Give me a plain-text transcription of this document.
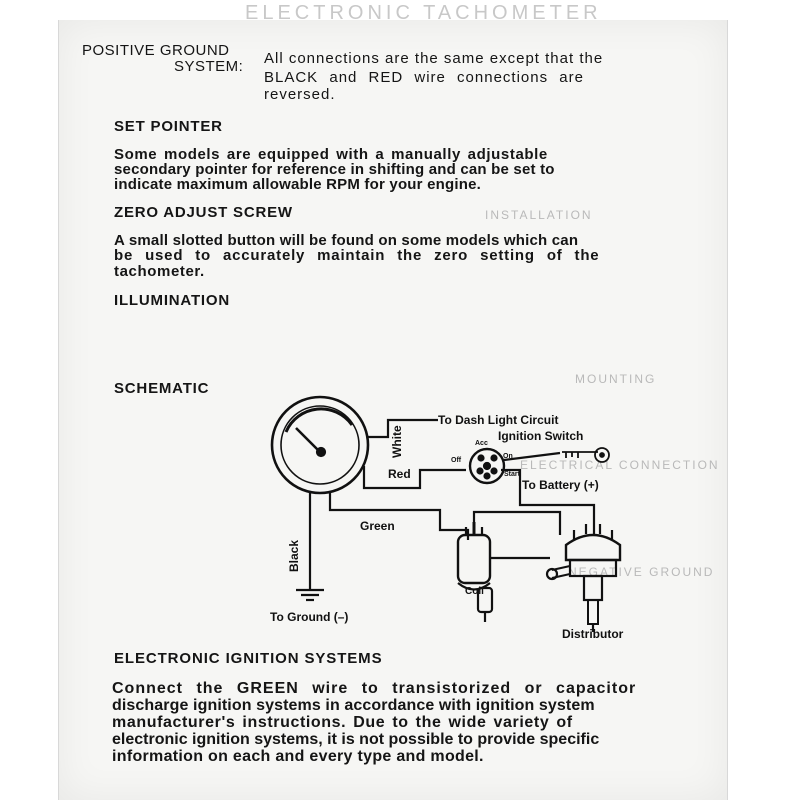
ELECTRONIC TACHOMETER
INSTALLATION
MOUNTING
ELECTRICAL CONNECTION
NEGATIVE GROUND
POSITIVE GROUND
SYSTEM: All connections are the same except that the
BLACK and RED wire connections are
reversed.
SET POINTER
Some models are equipped with a manually adjustable
secondary pointer for reference in shifting and can be set to
indicate maximum allowable RPM for your engine.
ZERO ADJUST SCREW
A small slotted button will be found on some models which can
be used to accurately maintain the zero setting of the
tachometer.
ILLUMINATION
SCHEMATIC
To Dash Light Circuit
Ignition Switch
Acc
Off
On
Start
White
Red
To Battery (+)
Green
Black
Coil
To Ground (–)
Distributor
ELECTRONIC IGNITION SYSTEMS
Connect the GREEN wire to transistorized or capacitor
discharge ignition systems in accordance with ignition system
manufacturer's instructions. Due to the wide variety of
electronic ignition systems, it is not possible to provide specific
information on each and every type and model.
